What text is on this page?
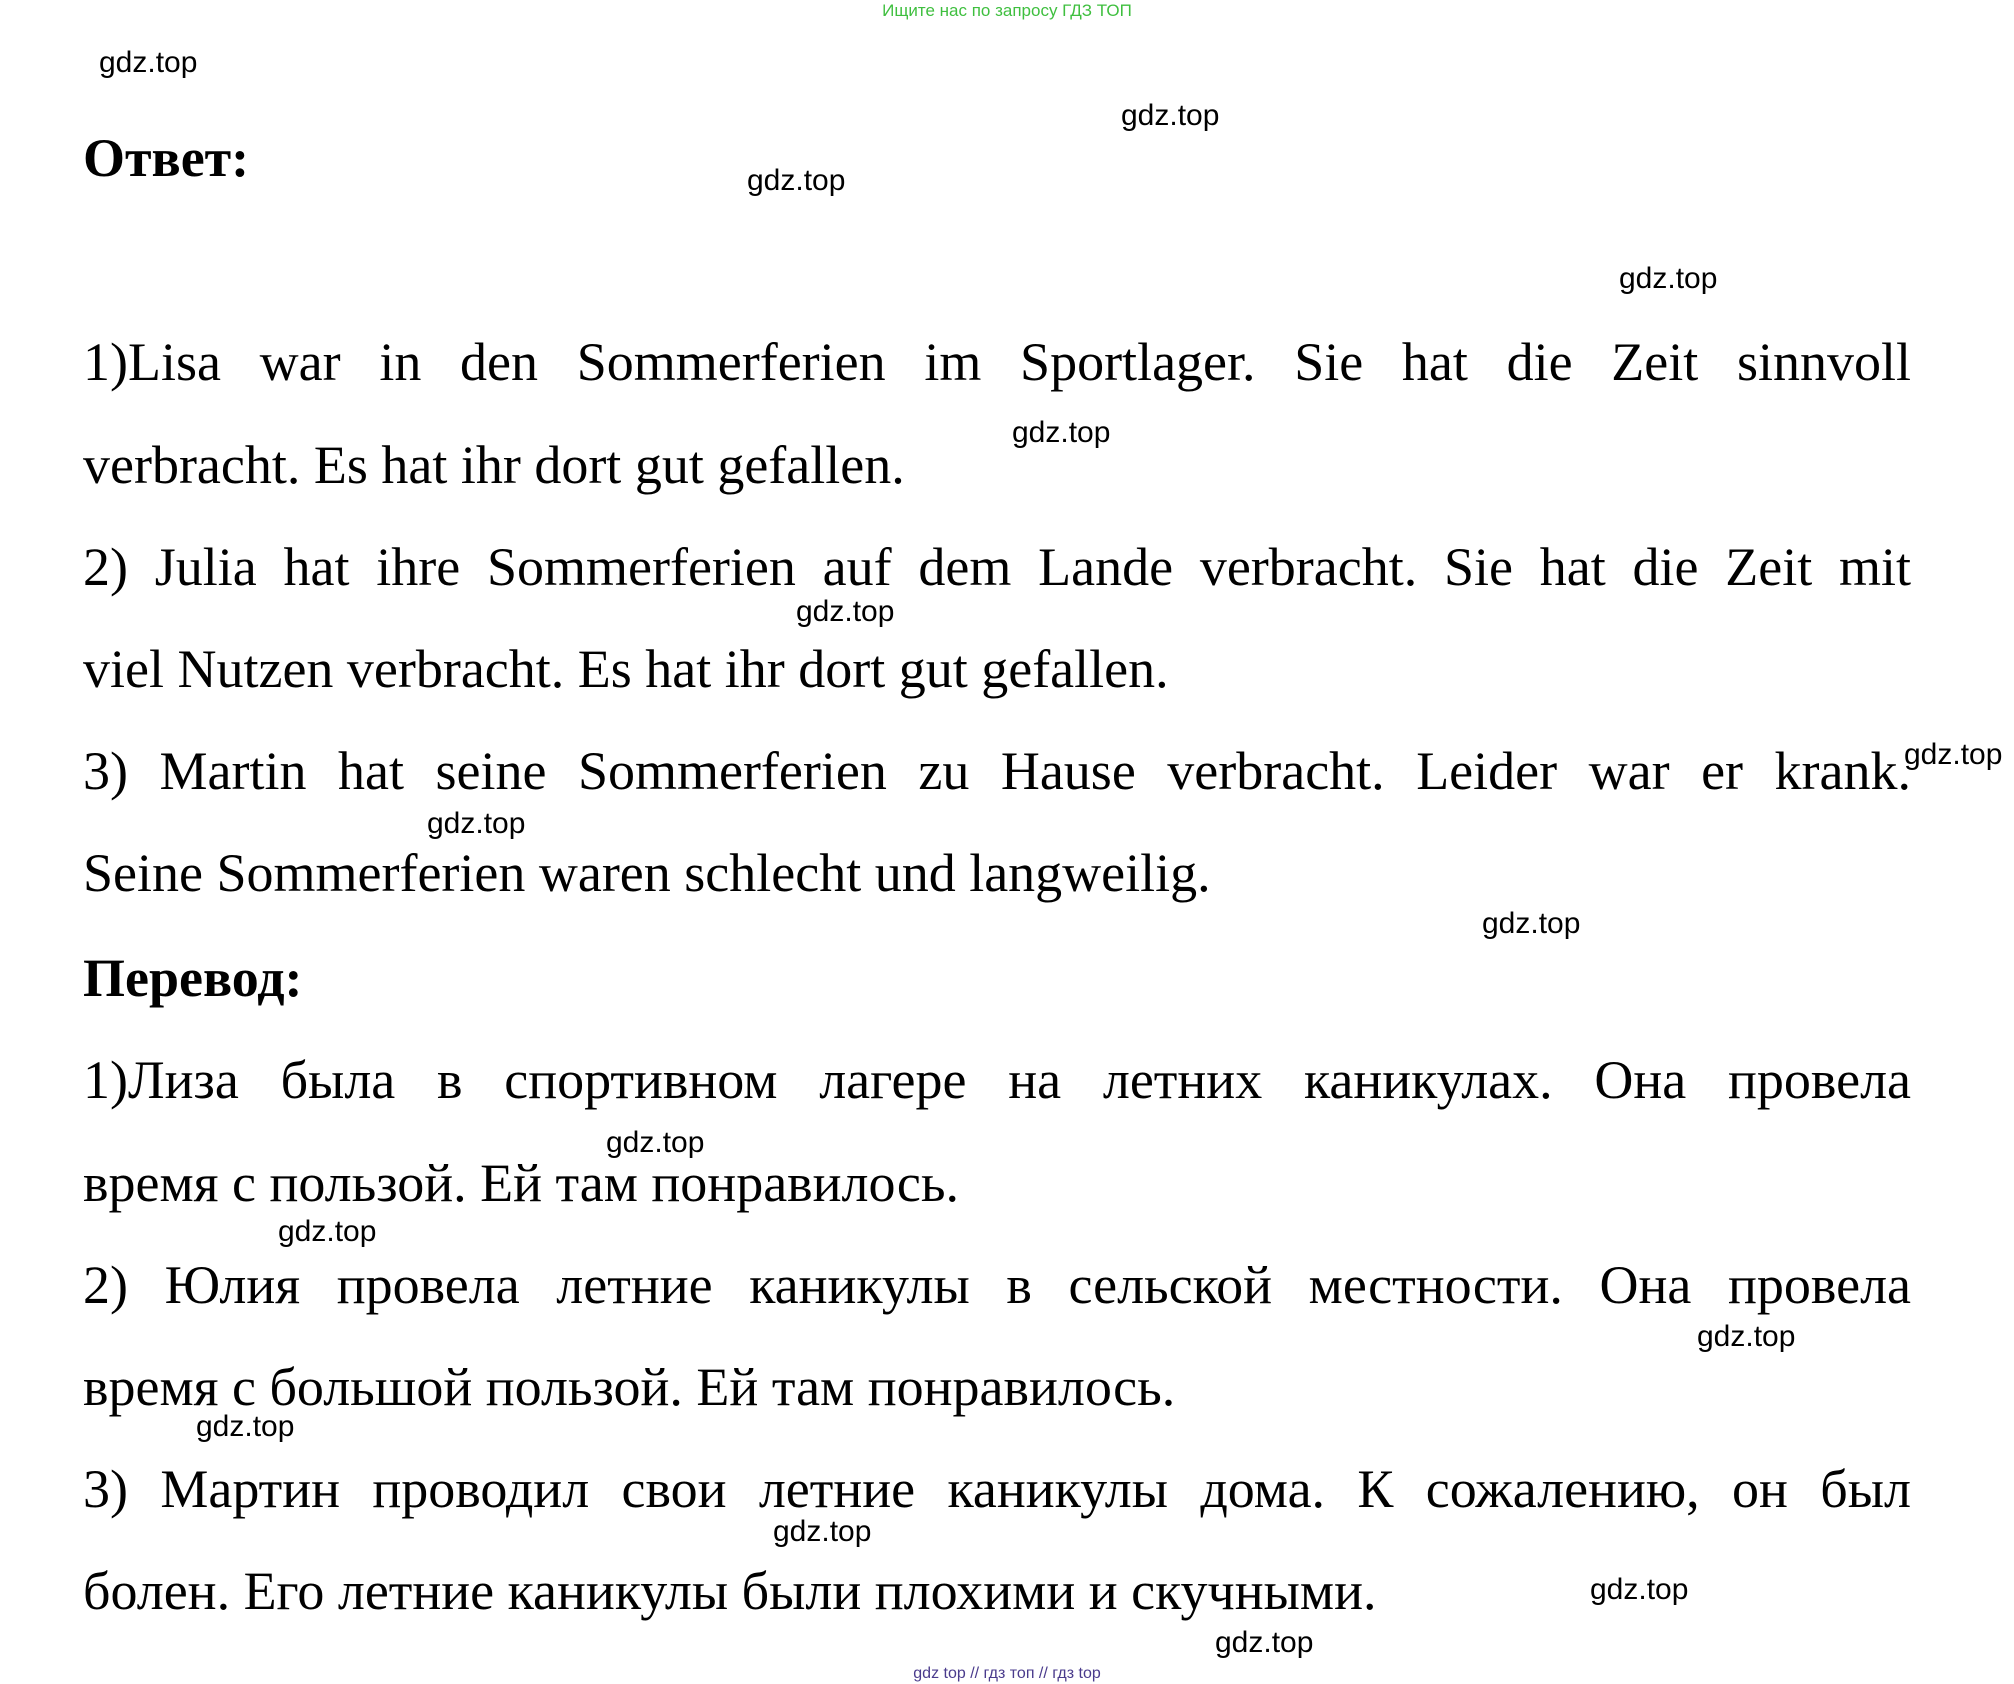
Ищите нас по запросу ГДЗ ТОП
Ответ:
1)Lisa war in den Sommerferien im Sportlager. Sie hat die Zeit sinnvoll
verbracht. Es hat ihr dort gut gefallen.
2) Julia hat ihre Sommerferien auf dem Lande verbracht. Sie hat die Zeit mit
viel Nutzen verbracht. Es hat ihr dort gut gefallen.
3) Martin hat seine Sommerferien zu Hause verbracht. Leider war er krank.
Seine Sommerferien waren schlecht und langweilig.
Перевод:
1)Лиза была в спортивном лагере на летних каникулах. Она провела
время с пользой. Ей там понравилось.
2) Юлия провела летние каникулы в сельской местности. Она провела
время с большой пользой. Ей там понравилось.
3) Мартин проводил свои летние каникулы дома. К сожалению, он был
болен. Его летние каникулы были плохими и скучными.
gdz.top
gdz.top
gdz.top
gdz.top
gdz.top
gdz.top
gdz.top
gdz.top
gdz.top
gdz.top
gdz.top
gdz.top
gdz.top
gdz.top
gdz.top
gdz.top
gdz top // гдз топ // гдз top
